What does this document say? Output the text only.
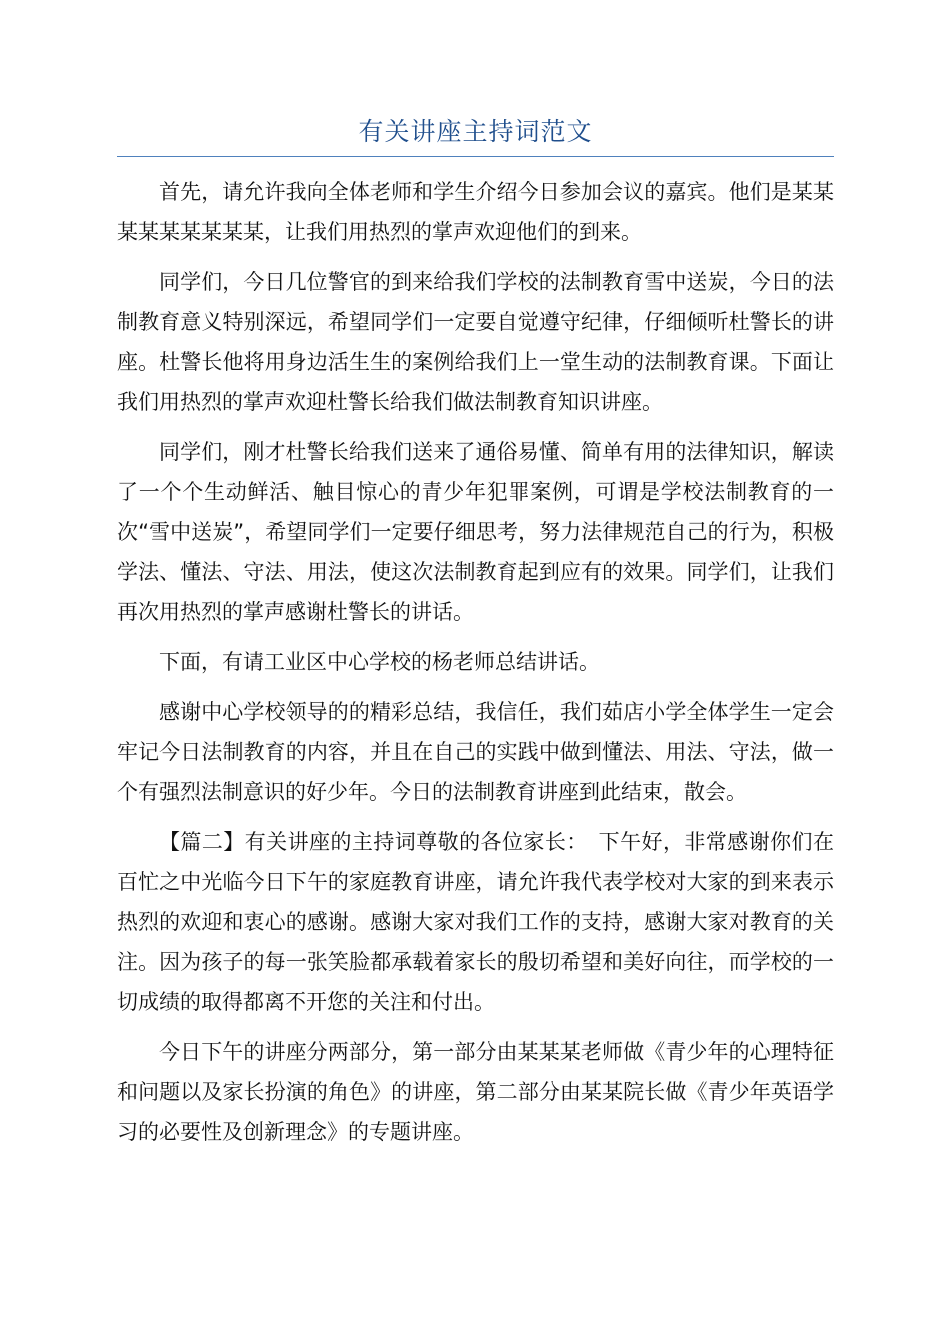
有关讲座主持词范文

首先，请允许我向全体老师和学生介绍今日参加会议的嘉宾。他们是某某某某某某某某某，让我们用热烈的掌声欢迎他们的到来。

同学们，今日几位警官的到来给我们学校的法制教育雪中送炭，今日的法制教育意义特别深远，希望同学们一定要自觉遵守纪律，仔细倾听杜警长的讲座。杜警长他将用身边活生生的案例给我们上一堂生动的法制教育课。下面让我们用热烈的掌声欢迎杜警长给我们做法制教育知识讲座。

同学们，刚才杜警长给我们送来了通俗易懂、简单有用的法律知识，解读了一个个生动鲜活、触目惊心的青少年犯罪案例，可谓是学校法制教育的一次“雪中送炭”，希望同学们一定要仔细思考，努力法律规范自己的行为，积极学法、懂法、守法、用法，使这次法制教育起到应有的效果。同学们，让我们再次用热烈的掌声感谢杜警长的讲话。

下面，有请工业区中心学校的杨老师总结讲话。

感谢中心学校领导的的精彩总结，我信任，我们茹店小学全体学生一定会牢记今日法制教育的内容，并且在自己的实践中做到懂法、用法、守法，做一个有强烈法制意识的好少年。今日的法制教育讲座到此结束，散会。

【篇二】有关讲座的主持词尊敬的各位家长：　下午好，非常感谢你们在百忙之中光临今日下午的家庭教育讲座，请允许我代表学校对大家的到来表示热烈的欢迎和衷心的感谢。感谢大家对我们工作的支持，感谢大家对教育的关注。因为孩子的每一张笑脸都承载着家长的殷切希望和美好向往，而学校的一切成绩的取得都离不开您的关注和付出。

今日下午的讲座分两部分，第一部分由某某某老师做《青少年的心理特征和问题以及家长扮演的角色》的讲座，第二部分由某某院长做《青少年英语学习的必要性及创新理念》的专题讲座。
